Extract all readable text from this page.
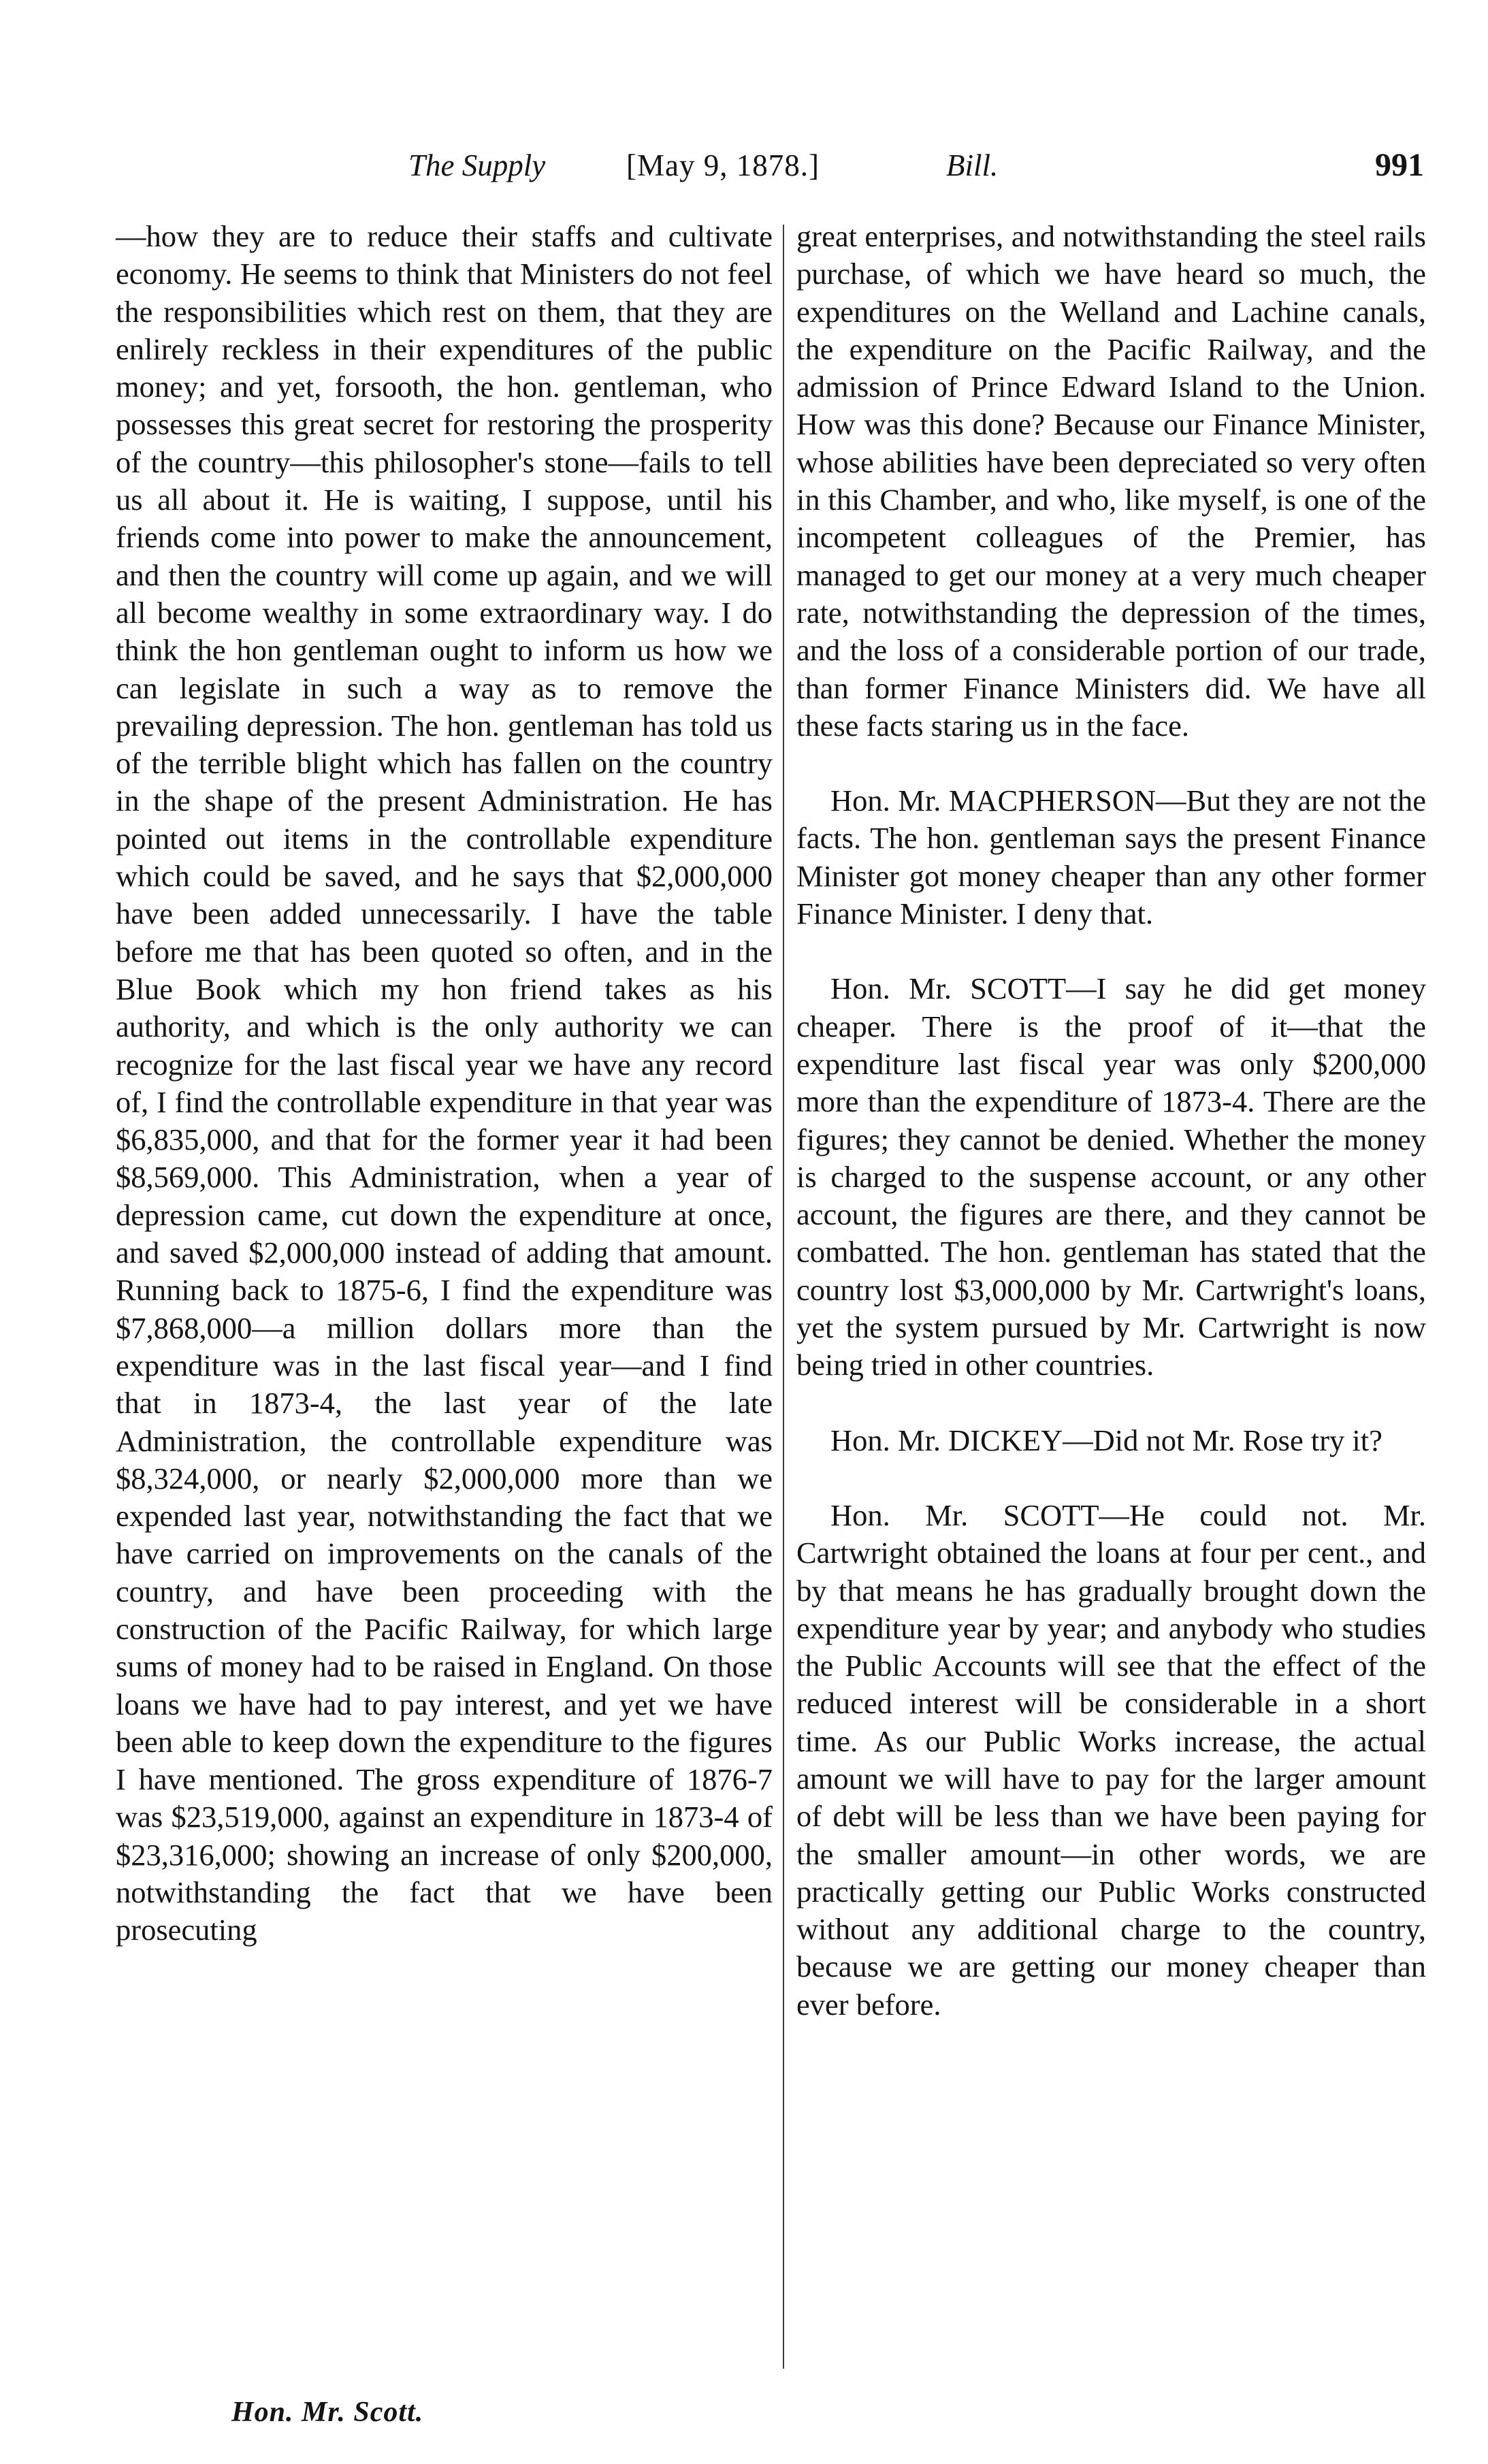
The Supply	[May 9, 1878.]	Bill.	991

—how they are to reduce their staffs and cultivate economy. He seems to think that Ministers do not feel the responsibilities which rest on them, that they are enlirely reckless in their expenditures of the public money; and yet, forsooth, the hon. gentleman, who possesses this great secret for restoring the prosperity of the country—this philosopher's stone—fails to tell us all about it. He is waiting, I suppose, until his friends come into power to make the announcement, and then the country will come up again, and we will all become wealthy in some extraordinary way. I do think the hon gentleman ought to inform us how we can legislate in such a way as to remove the prevailing depression. The hon. gentleman has told us of the terrible blight which has fallen on the country in the shape of the present Administration. He has pointed out items in the controllable expenditure which could be saved, and he says that $2,000,000 have been added unnecessarily. I have the table before me that has been quoted so often, and in the Blue Book which my hon friend takes as his authority, and which is the only authority we can recognize for the last fiscal year we have any record of, I find the controllable expenditure in that year was $6,835,000, and that for the former year it had been $8,569,000. This Administration, when a year of depression came, cut down the expenditure at once, and saved $2,000,000 instead of adding that amount. Running back to 1875-6, I find the expenditure was $7,868,000—a million dollars more than the expenditure was in the last fiscal year—and I find that in 1873-4, the last year of the late Administration, the controllable expenditure was $8,324,000, or nearly $2,000,000 more than we expended last year, notwithstanding the fact that we have carried on improvements on the canals of the country, and have been proceeding with the construction of the Pacific Railway, for which large sums of money had to be raised in England. On those loans we have had to pay interest, and yet we have been able to keep down the expenditure to the figures I have mentioned. The gross expenditure of 1876-7 was $23,519,000, against an expenditure in 1873-4 of $23,316,000; showing an increase of only $200,000, notwithstanding the fact that we have been prosecuting

great enterprises, and notwithstanding the steel rails purchase, of which we have heard so much, the expenditures on the Welland and Lachine canals, the expenditure on the Pacific Railway, and the admission of Prince Edward Island to the Union. How was this done? Because our Finance Minister, whose abilities have been depreciated so very often in this Chamber, and who, like myself, is one of the incompetent colleagues of the Premier, has managed to get our money at a very much cheaper rate, notwithstanding the depression of the times, and the loss of a considerable portion of our trade, than former Finance Ministers did. We have all these facts staring us in the face.

Hon. Mr. MACPHERSON—But they are not the facts. The hon. gentleman says the present Finance Minister got money cheaper than any other former Finance Minister. I deny that.

Hon. Mr. SCOTT—I say he did get money cheaper. There is the proof of it—that the expenditure last fiscal year was only $200,000 more than the expenditure of 1873-4. There are the figures; they cannot be denied. Whether the money is charged to the suspense account, or any other account, the figures are there, and they cannot be combatted. The hon. gentleman has stated that the country lost $3,000,000 by Mr. Cartwright's loans, yet the system pursued by Mr. Cartwright is now being tried in other countries.

Hon. Mr. DICKEY—Did not Mr. Rose try it?

Hon. Mr. SCOTT—He could not. Mr. Cartwright obtained the loans at four per cent., and by that means he has gradually brought down the expenditure year by year; and anybody who studies the Public Accounts will see that the effect of the reduced interest will be considerable in a short time. As our Public Works increase, the actual amount we will have to pay for the larger amount of debt will be less than we have been paying for the smaller amount—in other words, we are practically getting our Public Works constructed without any additional charge to the country, because we are getting our money cheaper than ever before.

Hon. Mr. Scott.
